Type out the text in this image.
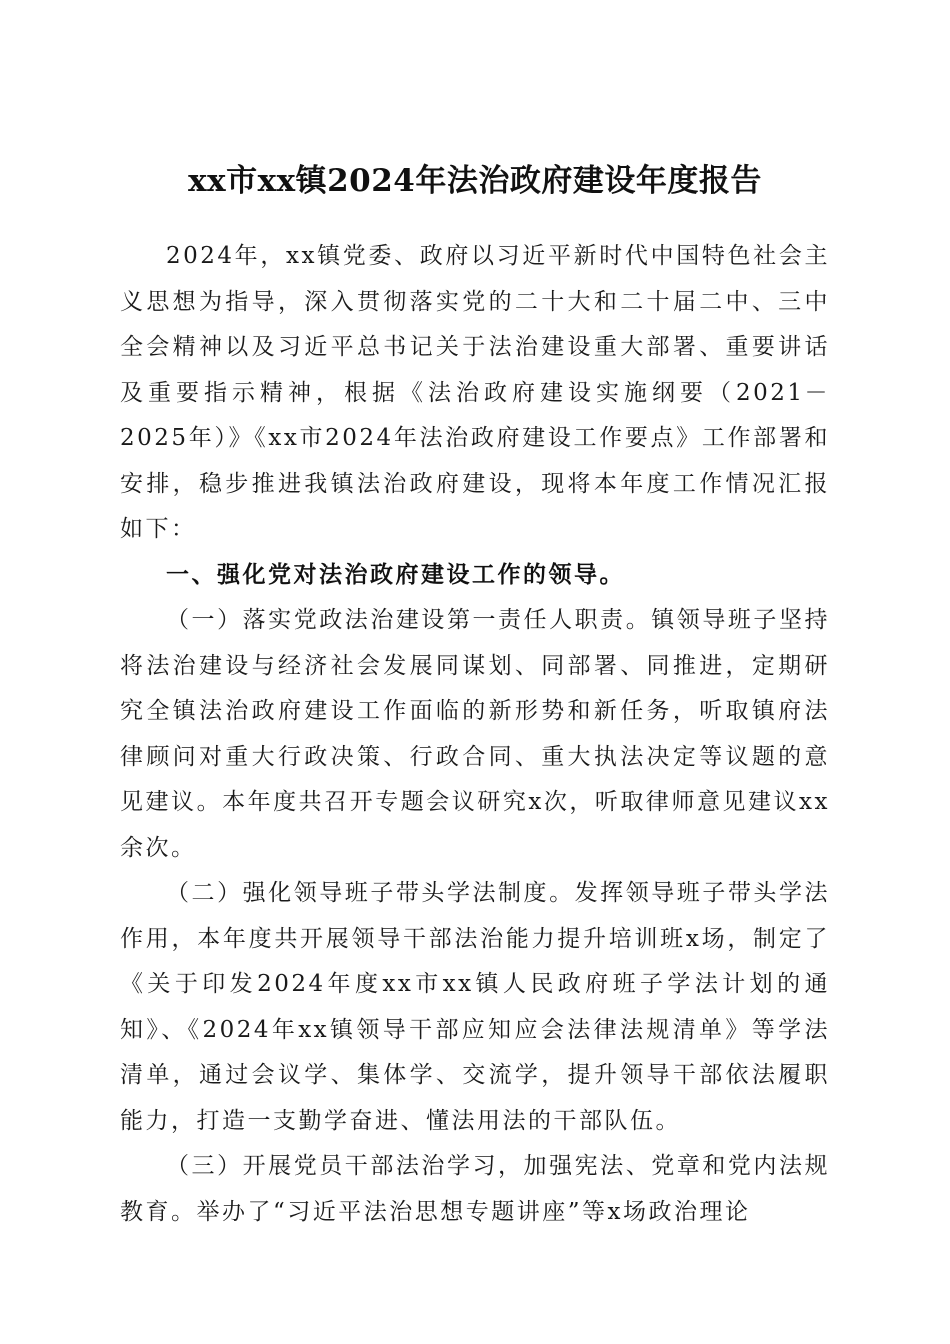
xx市xx镇2024年法治政府建设年度报告

2024年，xx镇党委、政府以习近平新时代中国特色社会主义思想为指导，深入贯彻落实党的二十大和二十届二中、三中全会精神以及习近平总书记关于法治建设重大部署、重要讲话及重要指示精神，根据《法治政府建设实施纲要（2021－2025年）》《xx市2024年法治政府建设工作要点》工作部署和安排，稳步推进我镇法治政府建设，现将本年度工作情况汇报如下：

一、强化党对法治政府建设工作的领导。

（一）落实党政法治建设第一责任人职责。镇领导班子坚持将法治建设与经济社会发展同谋划、同部署、同推进，定期研究全镇法治政府建设工作面临的新形势和新任务，听取镇府法律顾问对重大行政决策、行政合同、重大执法决定等议题的意见建议。本年度共召开专题会议研究x次，听取律师意见建议xx余次。

（二）强化领导班子带头学法制度。发挥领导班子带头学法作用，本年度共开展领导干部法治能力提升培训班x场，制定了《关于印发2024年度xx市xx镇人民政府班子学法计划的通知》、《2024年xx镇领导干部应知应会法律法规清单》等学法清单，通过会议学、集体学、交流学，提升领导干部依法履职能力，打造一支勤学奋进、懂法用法的干部队伍。

（三）开展党员干部法治学习，加强宪法、党章和党内法规教育。举办了“习近平法治思想专题讲座”等x场政治理论
